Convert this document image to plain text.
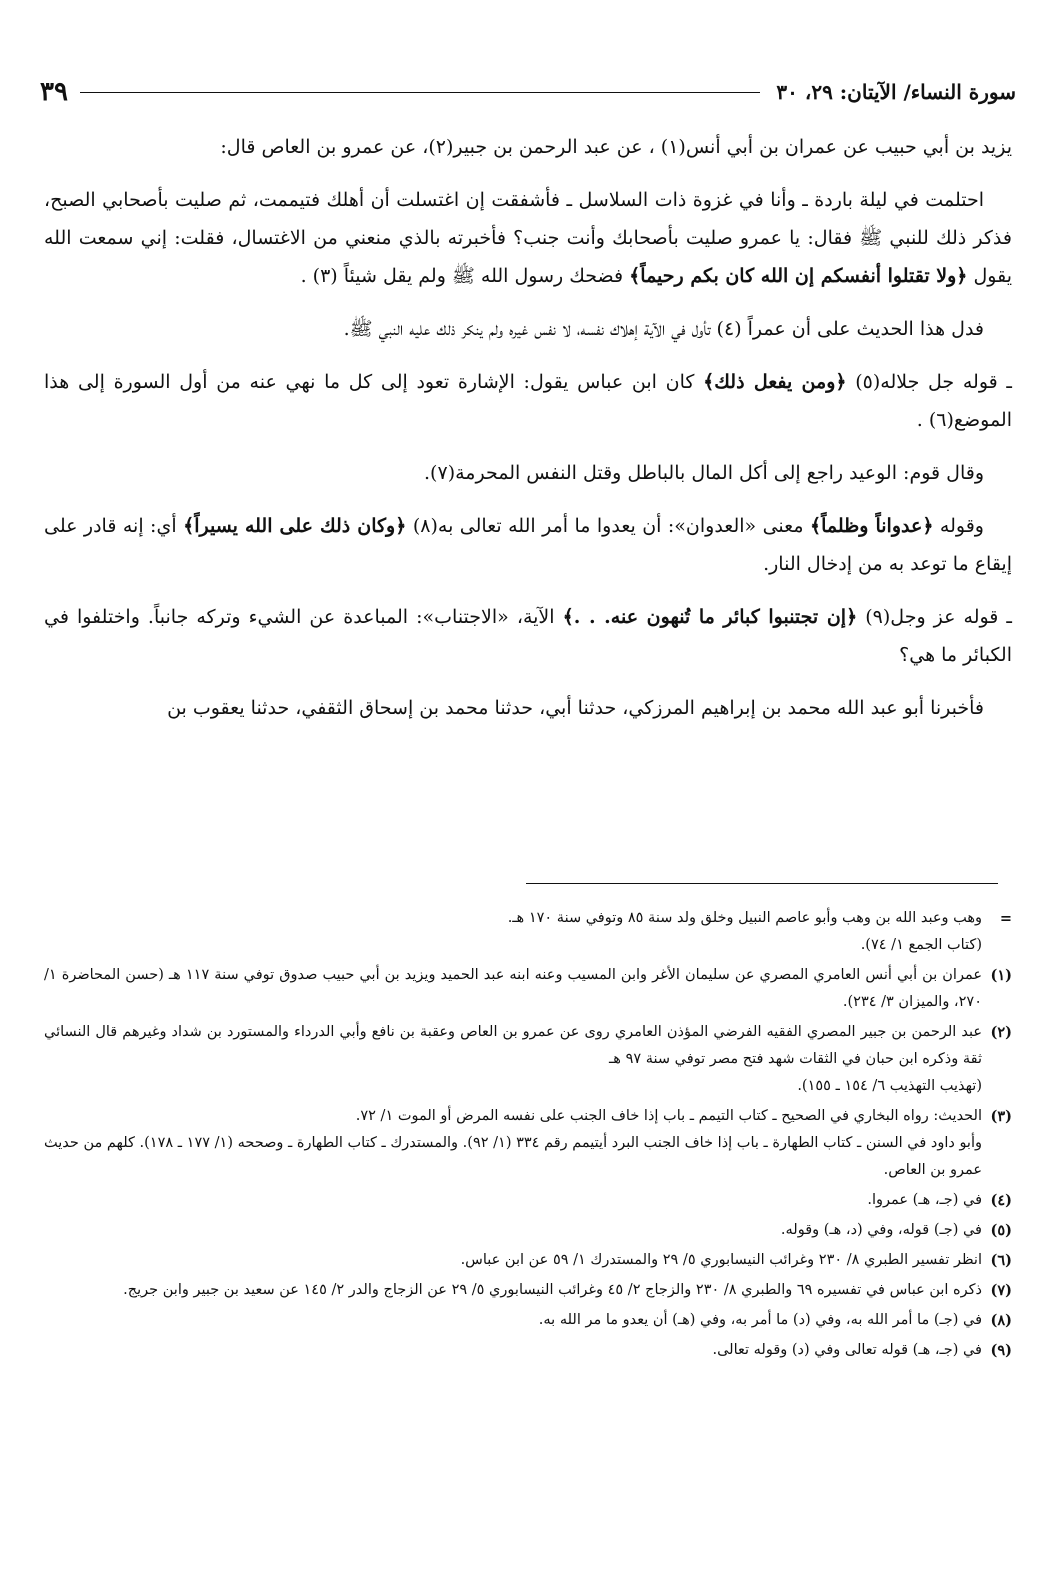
سورة النساء/ الآيتان: ٢٩، ٣٠
٣٩

يزيد بن أبي حبيب عن عمران بن أبي أنس(١) ، عن عبد الرحمن بن جبير(٢)، عن عمرو بن العاص قال:

احتلمت في ليلة باردة ـ وأنا في غزوة ذات السلاسل ـ فأشفقت إن اغتسلت أن أهلك فتيممت، ثم صليت بأصحابي الصبح، فذكر ذلك للنبي ﷺ فقال: يا عمرو صليت بأصحابك وأنت جنب؟ فأخبرته بالذي منعني من الاغتسال، فقلت: إني سمعت الله يقول ﴿ولا تقتلوا أنفسكم إن الله كان بكم رحيماً﴾ فضحك رسول الله ﷺ ولم يقل شيئاً (٣) .

فدل هذا الحديث على أن عمراً (٤) تأول في الآية إهلاك نفسه، لا نفس غيره ولم ينكر ذلك عليه النبي ﷺ.

ـ قوله جل جلاله(٥) ﴿ومن يفعل ذلك﴾ كان ابن عباس يقول: الإشارة تعود إلى كل ما نهي عنه من أول السورة إلى هذا الموضع(٦) .

وقال قوم: الوعيد راجع إلى أكل المال بالباطل وقتل النفس المحرمة(٧).

وقوله ﴿عدواناً وظلماً﴾ معنى «العدوان»: أن يعدوا ما أمر الله تعالى به(٨) ﴿وكان ذلك على الله يسيراً﴾ أي: إنه قادر على إيقاع ما توعد به من إدخال النار.

ـ قوله عز وجل(٩) ﴿إن تجتنبوا كبائر ما تُنهون عنه. . .﴾ الآية، «الاجتناب»: المباعدة عن الشيء وتركه جانباً. واختلفوا في الكبائر ما هي؟

فأخبرنا أبو عبد الله محمد بن إبراهيم المرزكي، حدثنا أبي، حدثنا محمد بن إسحاق الثقفي، حدثنا يعقوب بن

=
وهب وعبد الله بن وهب وأبو عاصم النبيل وخلق ولد سنة ٨٥ وتوفي سنة ١٧٠ هـ.
(كتاب الجمع ١/ ٧٤).
(١)
عمران بن أبي أنس العامري المصري عن سليمان الأغر وابن المسيب وعنه ابنه عبد الحميد ويزيد بن أبي حبيب صدوق توفي سنة ١١٧ هـ (حسن المحاضرة ١/ ٢٧٠، والميزان ٣/ ٢٣٤).
(٢)
عبد الرحمن بن جبير المصري الفقيه الفرضي المؤذن العامري روى عن عمرو بن العاص وعقبة بن نافع وأبي الدرداء والمستورد بن شداد وغيرهم قال النسائي ثقة وذكره ابن حبان في الثقات شهد فتح مصر توفي سنة ٩٧ هـ
(تهذيب التهذيب ٦/ ١٥٤ ـ ١٥٥).
(٣)
الحديث: رواه البخاري في الصحيح ـ كتاب التيمم ـ باب إذا خاف الجنب على نفسه المرض أو الموت ١/ ٧٢.
وأبو داود في السنن ـ كتاب الطهارة ـ باب إذا خاف الجنب البرد أيتيمم رقم ٣٣٤ (١/ ٩٢). والمستدرك ـ كتاب الطهارة ـ وصححه (١/ ١٧٧ ـ ١٧٨). كلهم من حديث عمرو بن العاص.
(٤)
في (جـ، هـ) عمروا.
(٥)
في (جـ) قوله، وفي (د، هـ) وقوله.
(٦)
انظر تفسير الطبري ٨/ ٢٣٠ وغرائب النيسابوري ٥/ ٢٩ والمستدرك ١/ ٥٩ عن ابن عباس.
(٧)
ذكره ابن عباس في تفسيره ٦٩ والطبري ٨/ ٢٣٠ والزجاج ٢/ ٤٥ وغرائب النيسابوري ٥/ ٢٩ عن الزجاج والدر ٢/ ١٤٥ عن سعيد بن جبير وابن جريج.
(٨)
في (جـ) ما أمر الله به، وفي (د) ما أمر به، وفي (هـ) أن يعدو ما مر الله به.
(٩)
في (جـ، هـ) قوله تعالى وفي (د) وقوله تعالى.
